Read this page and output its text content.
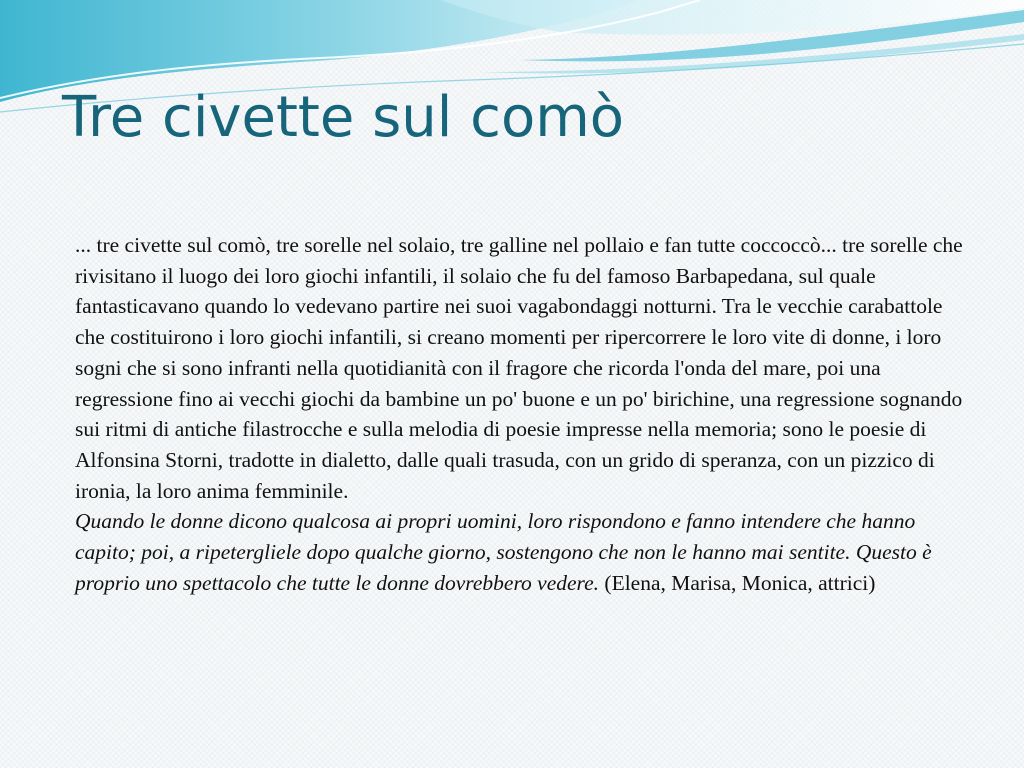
Tre civette sul comò

... tre civette sul comò, tre sorelle nel solaio, tre galline nel pollaio e fan tutte coccoccò... tre sorelle che rivisitano il luogo dei loro giochi infantili, il solaio che fu del famoso Barbapedana, sul quale fantasticavano quando lo vedevano partire nei suoi vagabondaggi notturni. Tra le vecchie carabattole che costituirono i loro giochi infantili, si creano momenti per ripercorrere le loro vite di donne, i loro sogni che si sono infranti nella quotidianità con il fragore che ricorda l'onda del mare, poi una regressione fino ai vecchi giochi da bambine un po' buone e un po' birichine, una regressione sognando sui ritmi di antiche filastrocche e sulla melodia di poesie impresse nella memoria; sono le poesie di Alfonsina Storni, tradotte in dialetto, dalle quali trasuda, con un grido di speranza, con un pizzico di ironia, la loro anima femminile.

Quando le donne dicono qualcosa ai propri uomini, loro rispondono e fanno intendere che hanno capito; poi, a ripetergliele dopo qualche giorno, sostengono che non le hanno mai sentite. Questo è proprio uno spettacolo che tutte le donne dovrebbero vedere. (Elena, Marisa, Monica, attrici)
